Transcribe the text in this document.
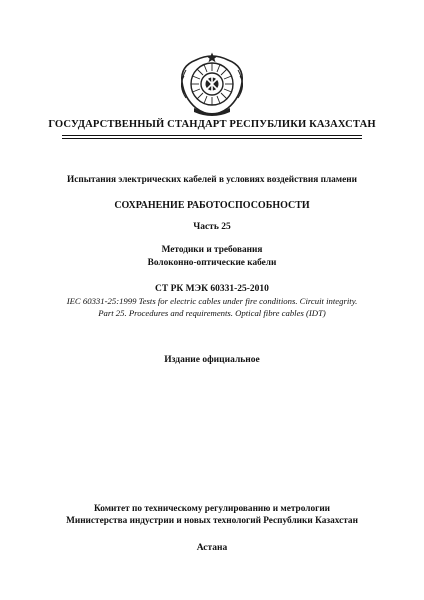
ГОСУДАРСТВЕННЫЙ СТАНДАРТ РЕСПУБЛИКИ КАЗАХСТАН
Испытания электрических кабелей в условиях воздействия пламени
СОХРАНЕНИЕ РАБОТОСПОСОБНОСТИ
Часть 25
Методики и требования
Волоконно-оптические кабели
СТ РК МЭК 60331-25-2010
IEC 60331-25:1999 Tests for electric cables under fire conditions. Circuit integrity.
Part 25. Procedures and requirements. Optical fibre cables (IDT)
Издание официальное
Комитет по техническому регулированию и метрологии
Министерства индустрии и новых технологий Республики Казахстан
Астана
